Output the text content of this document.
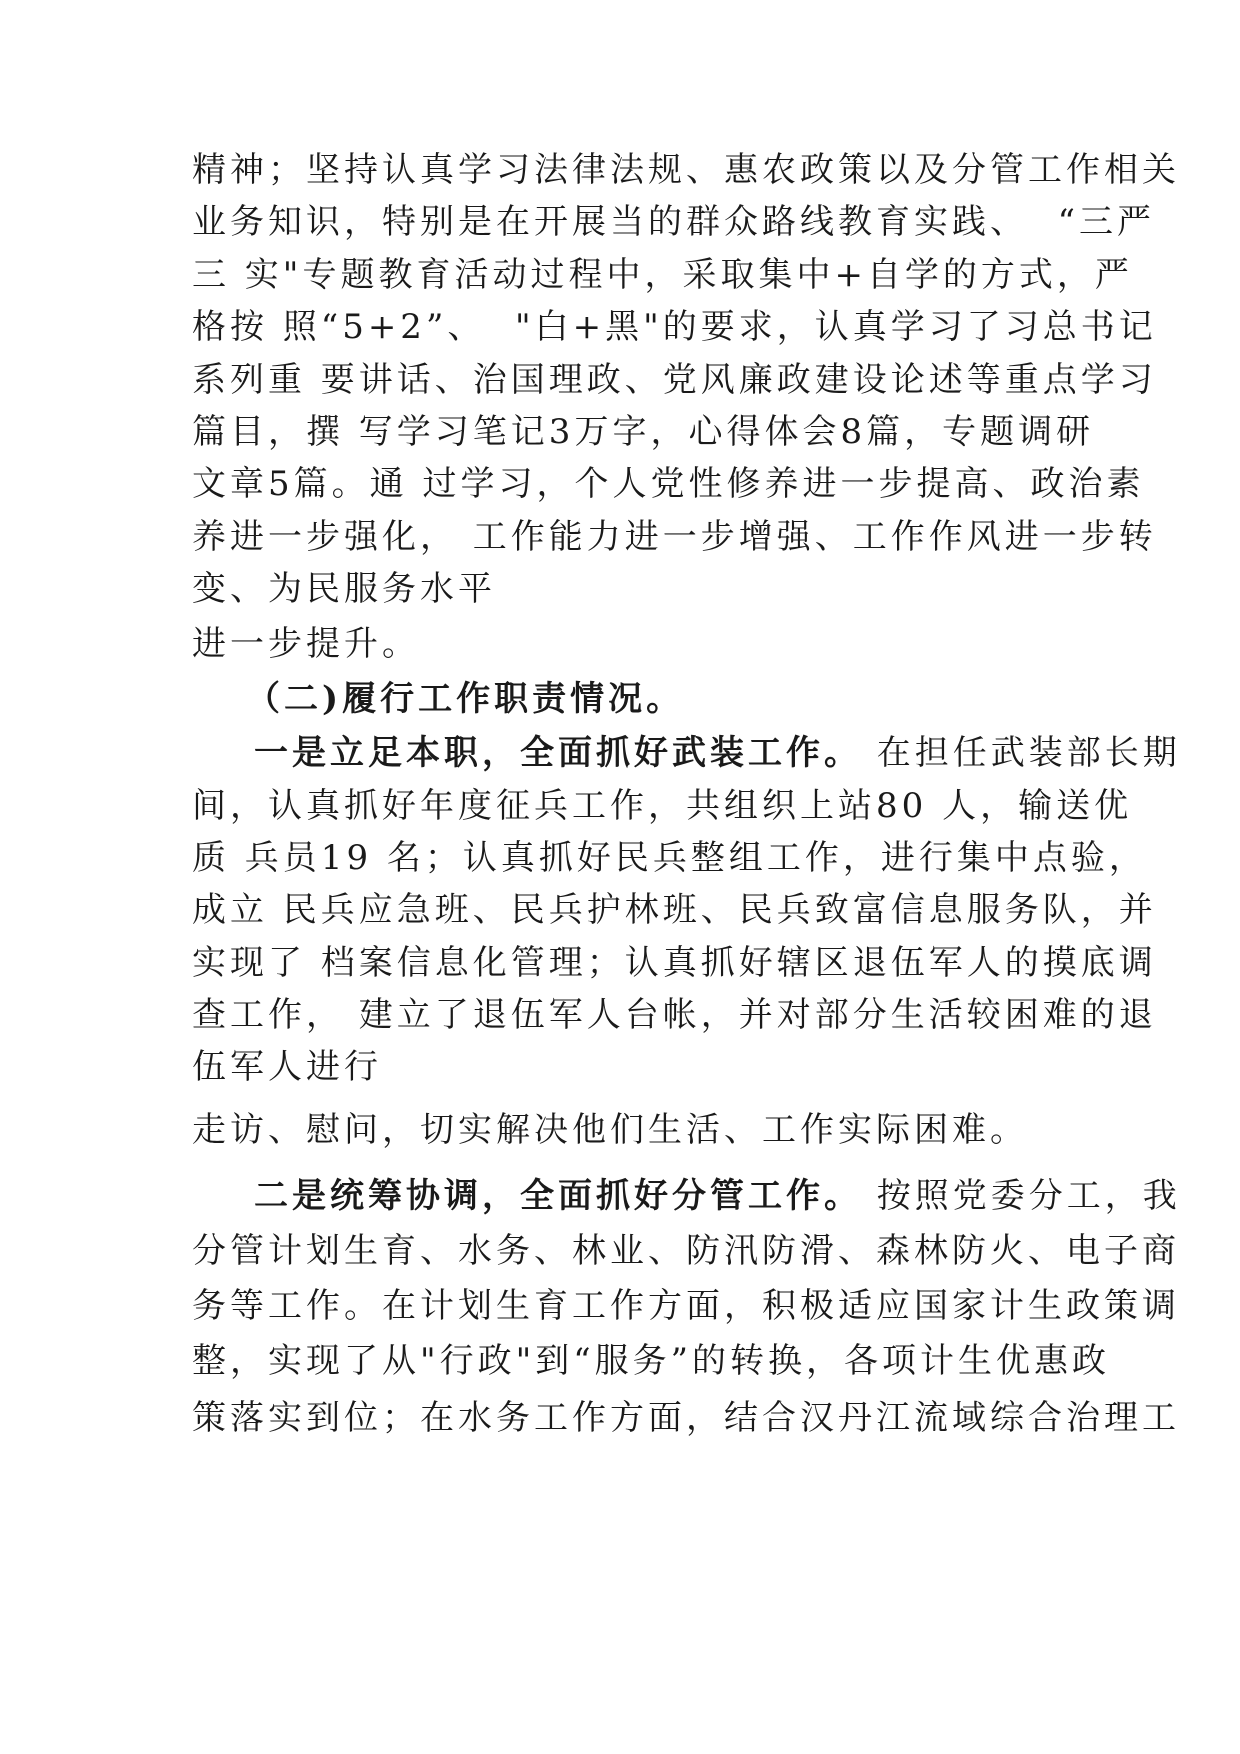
精神；坚持认真学习法律法规、惠农政策以及分管工作相关
业务知识，特别是在开展当的群众路线教育实践、  “三严
三 实"专题教育活动过程中，采取集中+自学的方式，严
格按 照“5+2”、  "白+黑"的要求，认真学习了习总书记
系列重 要讲话、治国理政、党风廉政建设论述等重点学习
篇目，撰 写学习笔记3万字，心得体会8篇，专题调研
文章5篇。通 过学习，个人党性修养进一步提高、政治素
养进一步强化， 工作能力进一步增强、工作作风进一步转
变、为民服务水平
进一步提升。
（二)履行工作职责情况。
一是立足本职，全面抓好武装工作。 在担任武装部长期
间，认真抓好年度征兵工作，共组织上站80 人，输送优
质 兵员19 名；认真抓好民兵整组工作，进行集中点验，
成立 民兵应急班、民兵护林班、民兵致富信息服务队，并
实现了 档案信息化管理；认真抓好辖区退伍军人的摸底调
查工作， 建立了退伍军人台帐，并对部分生活较困难的退
伍军人进行
走访、慰问，切实解决他们生活、工作实际困难。
二是统筹协调，全面抓好分管工作。 按照党委分工，我
分管计划生育、水务、林业、防汛防滑、森林防火、电子商
务等工作。在计划生育工作方面，积极适应国家计生政策调
整，实现了从"行政"到“服务”的转换，各项计生优惠政
策落实到位；在水务工作方面，结合汉丹江流域综合治理工
